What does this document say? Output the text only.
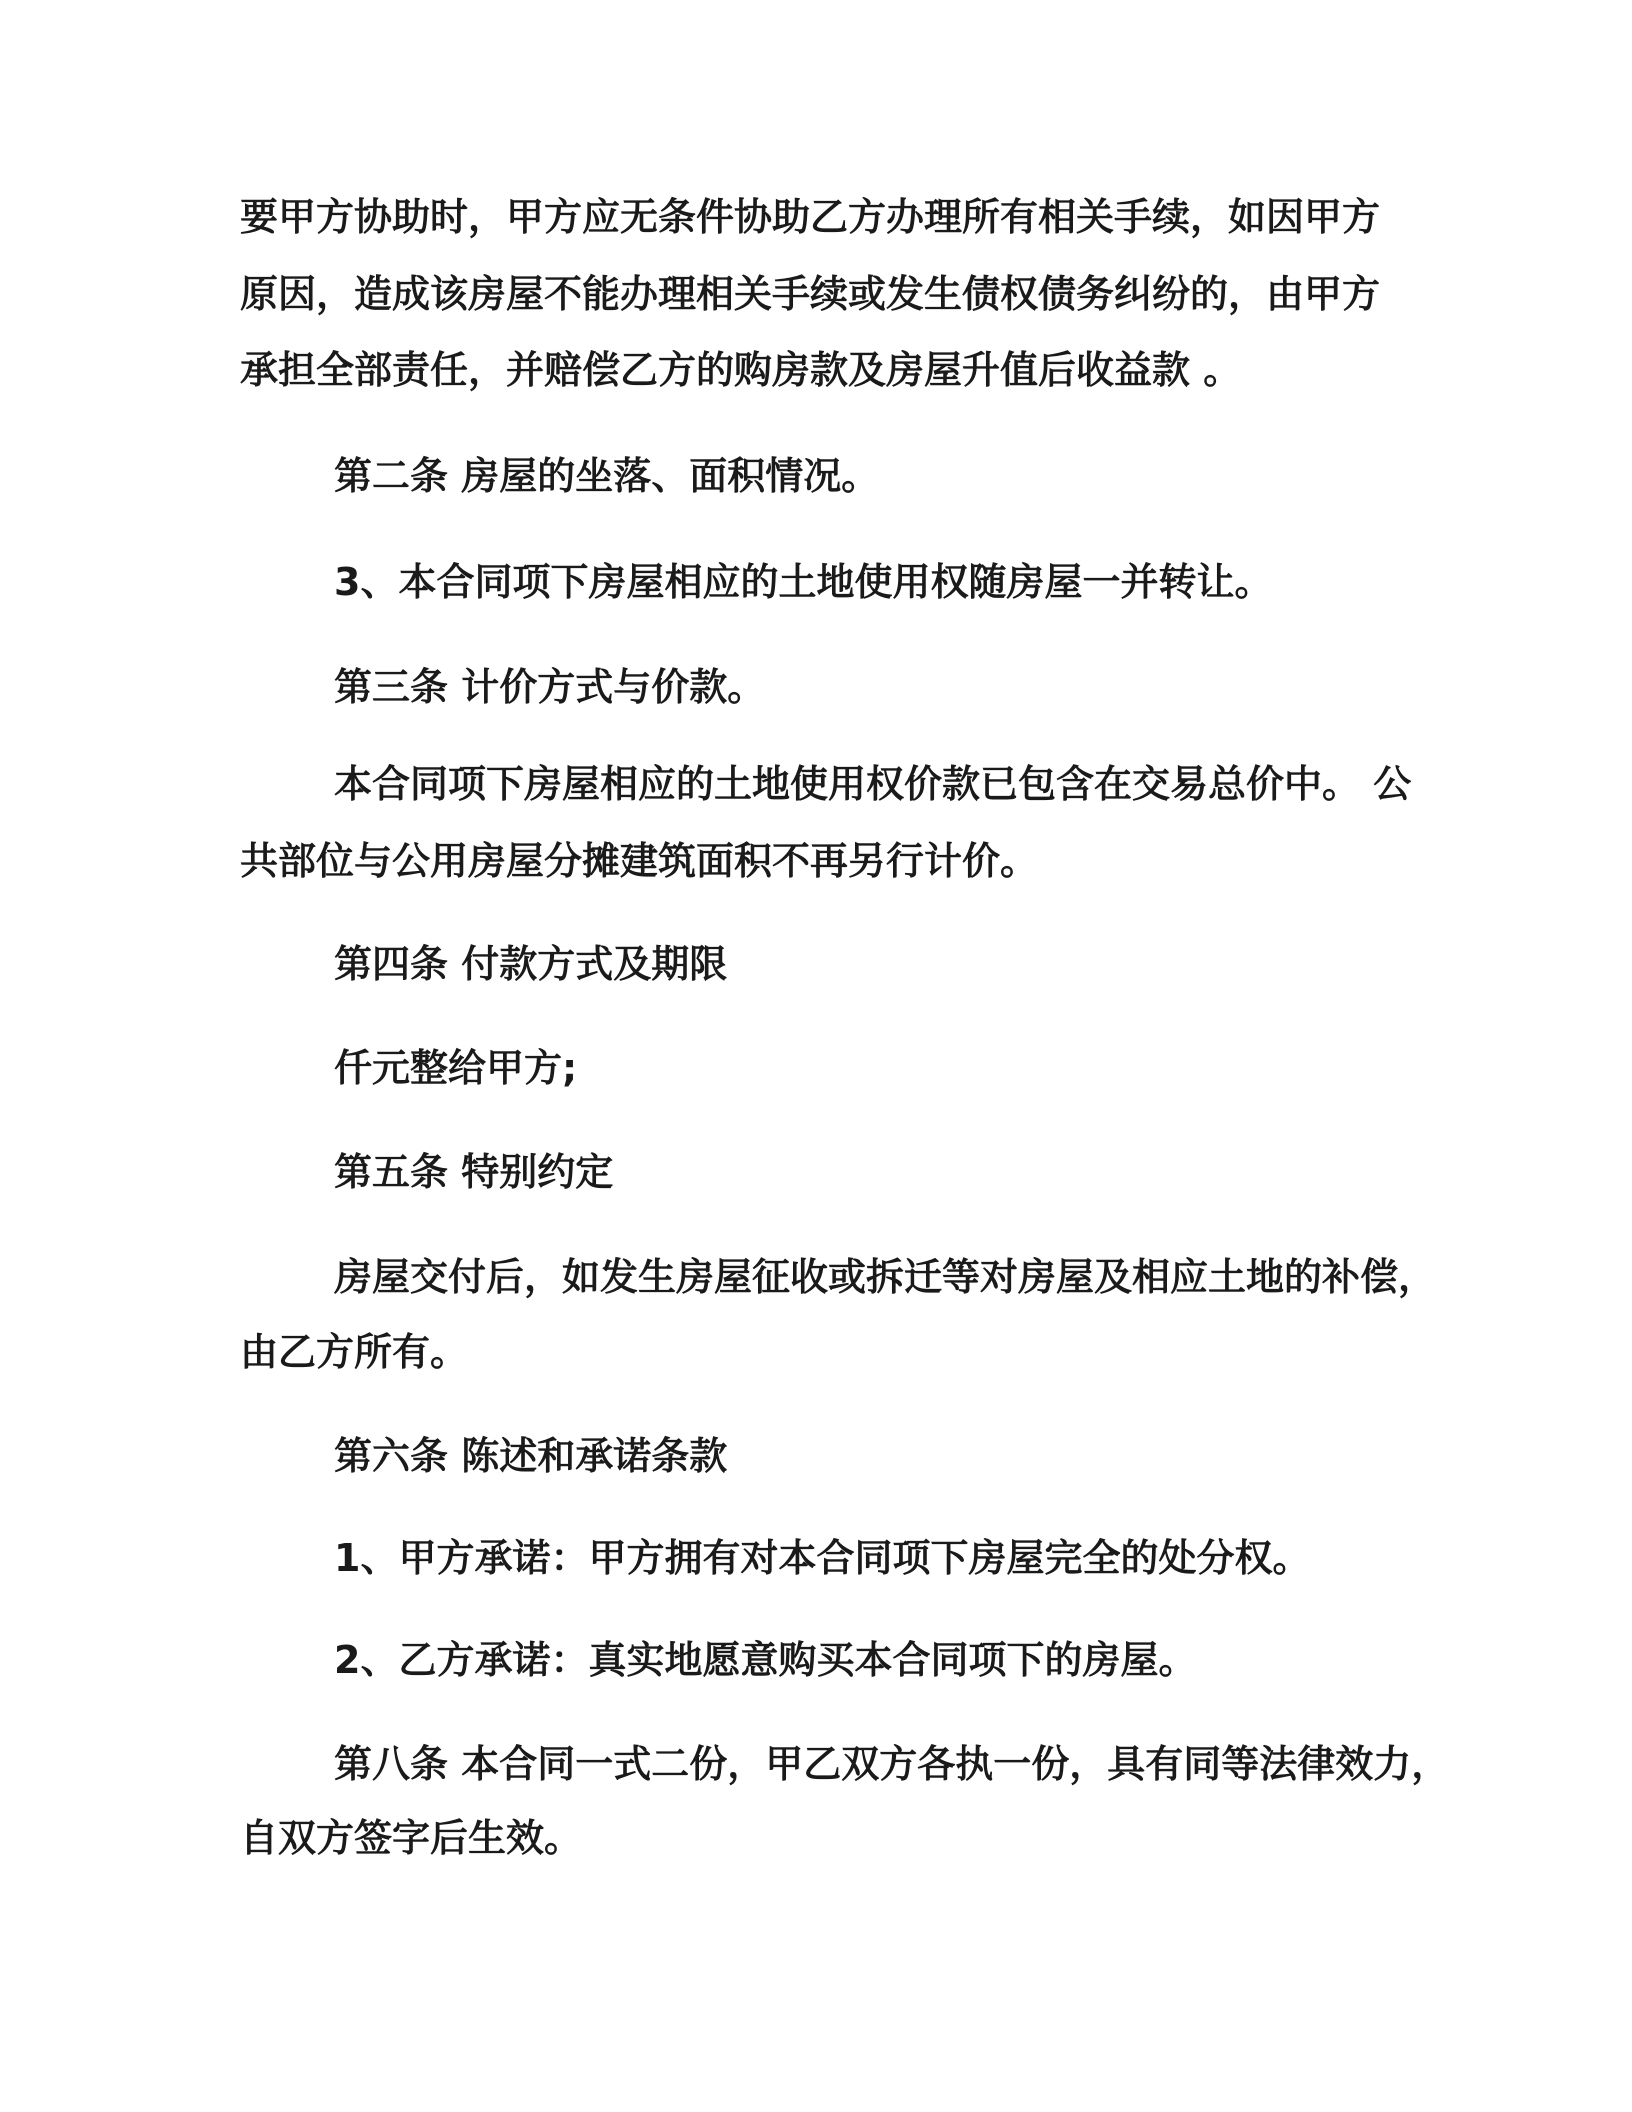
要甲方协助时，甲方应无条件协助乙方办理所有相关手续，如因甲方
原因，造成该房屋不能办理相关手续或发生债权债务纠纷的，由甲方
承担全部责任，并赔偿乙方的购房款及房屋升值后收益款 。
第二条 房屋的坐落、面积情况。
3、本合同项下房屋相应的土地使用权随房屋一并转让。
第三条 计价方式与价款。
本合同项下房屋相应的土地使用权价款已包含在交易总价中。 公
共部位与公用房屋分摊建筑面积不再另行计价。
第四条 付款方式及期限
仟元整给甲方;
第五条 特别约定
房屋交付后，如发生房屋征收或拆迁等对房屋及相应土地的补偿，
由乙方所有。
第六条 陈述和承诺条款
1、甲方承诺：甲方拥有对本合同项下房屋完全的处分权。
2、乙方承诺：真实地愿意购买本合同项下的房屋。
第八条 本合同一式二份，甲乙双方各执一份，具有同等法律效力，
自双方签字后生效。
